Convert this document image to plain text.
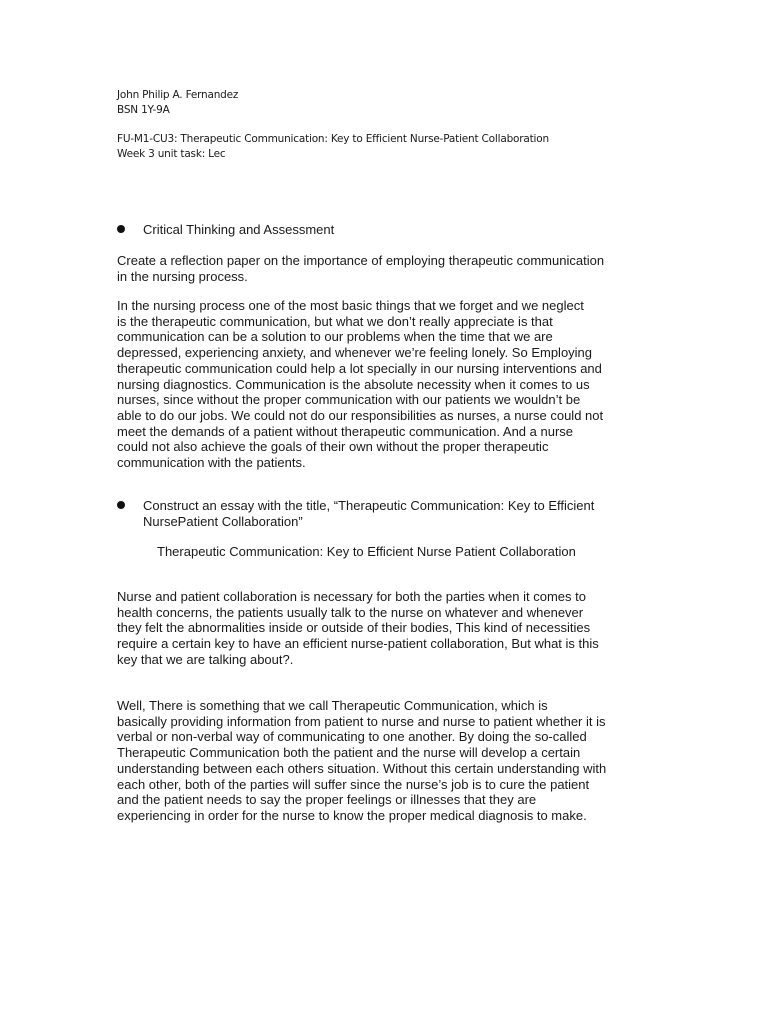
John Philip A. Fernandez
BSN 1Y-9A
FU-M1-CU3: Therapeutic Communication: Key to Efficient Nurse-Patient Collaboration
Week 3 unit task: Lec
Critical Thinking and Assessment
Create a reflection paper on the importance of employing therapeutic communication
in the nursing process.
In the nursing process one of the most basic things that we forget and we neglect
is the therapeutic communication, but what we don’t really appreciate is that
communication can be a solution to our problems when the time that we are
depressed, experiencing anxiety, and whenever we’re feeling lonely. So Employing
therapeutic communication could help a lot specially in our nursing interventions and
nursing diagnostics. Communication is the absolute necessity when it comes to us
nurses, since without the proper communication with our patients we wouldn’t be
able to do our jobs. We could not do our responsibilities as nurses, a nurse could not
meet the demands of a patient without therapeutic communication. And a nurse
could not also achieve the goals of their own without the proper therapeutic
communication with the patients.
Construct an essay with the title, “Therapeutic Communication: Key to Efficient
NursePatient Collaboration”
Therapeutic Communication: Key to Efficient Nurse Patient Collaboration
Nurse and patient collaboration is necessary for both the parties when it comes to
health concerns, the patients usually talk to the nurse on whatever and whenever
they felt the abnormalities inside or outside of their bodies, This kind of necessities
require a certain key to have an efficient nurse-patient collaboration, But what is this
key that we are talking about?.
Well, There is something that we call Therapeutic Communication, which is
basically providing information from patient to nurse and nurse to patient whether it is
verbal or non-verbal way of communicating to one another. By doing the so-called
Therapeutic Communication both the patient and the nurse will develop a certain
understanding between each others situation. Without this certain understanding with
each other, both of the parties will suffer since the nurse’s job is to cure the patient
and the patient needs to say the proper feelings or illnesses that they are
experiencing in order for the nurse to know the proper medical diagnosis to make.
